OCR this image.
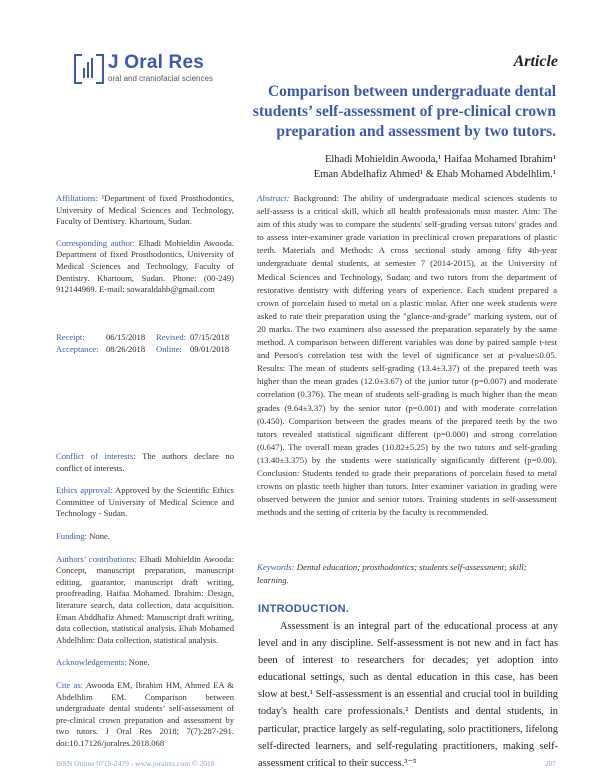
J Oral Res
oral and craniofacial sciences
Article
Comparison between undergraduate dental students’ self-assessment of pre-clinical crown preparation and assessment by two tutors.
Elhadi Mohieldin Awooda,¹ Haifaa Mohamed Ibrahim¹
Eman Abdelhafiz Ahmed¹ & Ehab Mohamed Abdelhlim.¹

Affiliations: ¹Department of fixed Prosthodontics, University of Medical Sciences and Technology, Faculty of Dentistry. Khartoum, Sudan.

Corresponding author: Elhadi Mohieldin Awooda. Department of fixed Prosthodontics, University of Medical Sciences and Technology, Faculty of Dentistry. Khartoum, Sudan. Phone: (00-249) 912144969. E-mail: sowaraldahb@gmail.com

Receipt: 06/15/2018 Revised: 07/15/2018
Acceptance: 08/26/2018 Online: 09/01/2018

Conflict of interests: The authors declare no conflict of interests.

Ethics approval: Approved by the Scientific Ethics Committee of University of Medical Science and Technology - Sudan.

Funding: None.

Authors’ contributions: Elhadi Mohieldin Awooda: Concept, manuscript preparation, manuscript editing, guarantor, manuscript draft writing, proofreading. Haifaa Mohamed. Ibrahim: Design, literature search, data collection, data acquisition. Eman Abddhafiz Ahmed: Manuscript draft writing, data collection, statistical analysis. Ehab Mohamed Abdelhlim: Data collection, statistical analysis.

Acknowledgements: None.

Cite as: Awooda EM, Ibrahim HM, Ahmed EA & Abdelhlim EM. Comparison between undergraduate dental students’ self-assessment of pre-clinical crown preparation and assessment by two tutors. J Oral Res 2018; 7(7):287-291. doi:10.17126/joralres.2018.068

Abstract: Background: The ability of undergraduate medical sciences students to self-assess is a critical skill, which all health professionals must master. Aim: The aim of this study was to compare the students' self-grading versus tutors' grades and to assess inter-examiner grade variation in preclinical crown preparations of plastic teeth. Materials and Methods: A cross sectional study among fifty 4th-year undergraduate dental students, at semester 7 (2014-2015), at the University of Medical Sciences and Technology, Sudan; and two tutors from the department of restorative dentistry with differing years of experience. Each student prepared a crown of porcelain fused to metal on a plastic molar. After one week students were asked to rate their preparation using the "glance-and-grade" marking system, out of 20 marks. The two examiners also assessed the preparation separately by the same method. A comparison between different variables was done by paired sample t-test and Person's correlation test with the level of significance set at p-value≤0.05. Results: The mean of students self-grading (13.4±3.37) of the prepared teeth was higher than the mean grades (12.0±3.67) of the junior tutor (p=0.007) and moderate correlation (0.376). The mean of students self-grading is much higher than the mean grades (9.64±3.37) by the senior tutor (p=0.001) and with moderate correlation (0.450). Comparison between the grades means of the prepared teeth by the two tutors revealed statistical significant different (p=0.000) and strong correlation (0.647). The overall mean grades (10.82±5.25) by the two tutors and self-grading (13.40±3.375) by the students were statistically significantly different (p=0.00). Conclusion: Students tended to grade their preparations of porcelain fused to metal crowns on plastic teeth higher than tutors. Inter examiner variation in grading were observed between the junior and senior tutors. Training students in self-assessment methods and the setting of criteria by the faculty is recommended.

Keywords: Dental education; prosthodontics; students self-assessment; skill; learning.
INTRODUCTION.

Assessment is an integral part of the educational process at any level and in any discipline. Self-assessment is not new and in fact has been of interest to researchers for decades; yet adoption into educational settings, such as dental education in this case, has been slow at best.¹ Self-assessment is an essential and crucial tool in building today's health care professionals.² Dentists and dental students, in particular, practice largely as self-regulating, solo practitioners, lifelong self-directed learners, and self-regulating practitioners, making self-assessment critical to their success.³⁻⁵

ISSN Online 0719-2479 - www.joralres.com © 2018	287
